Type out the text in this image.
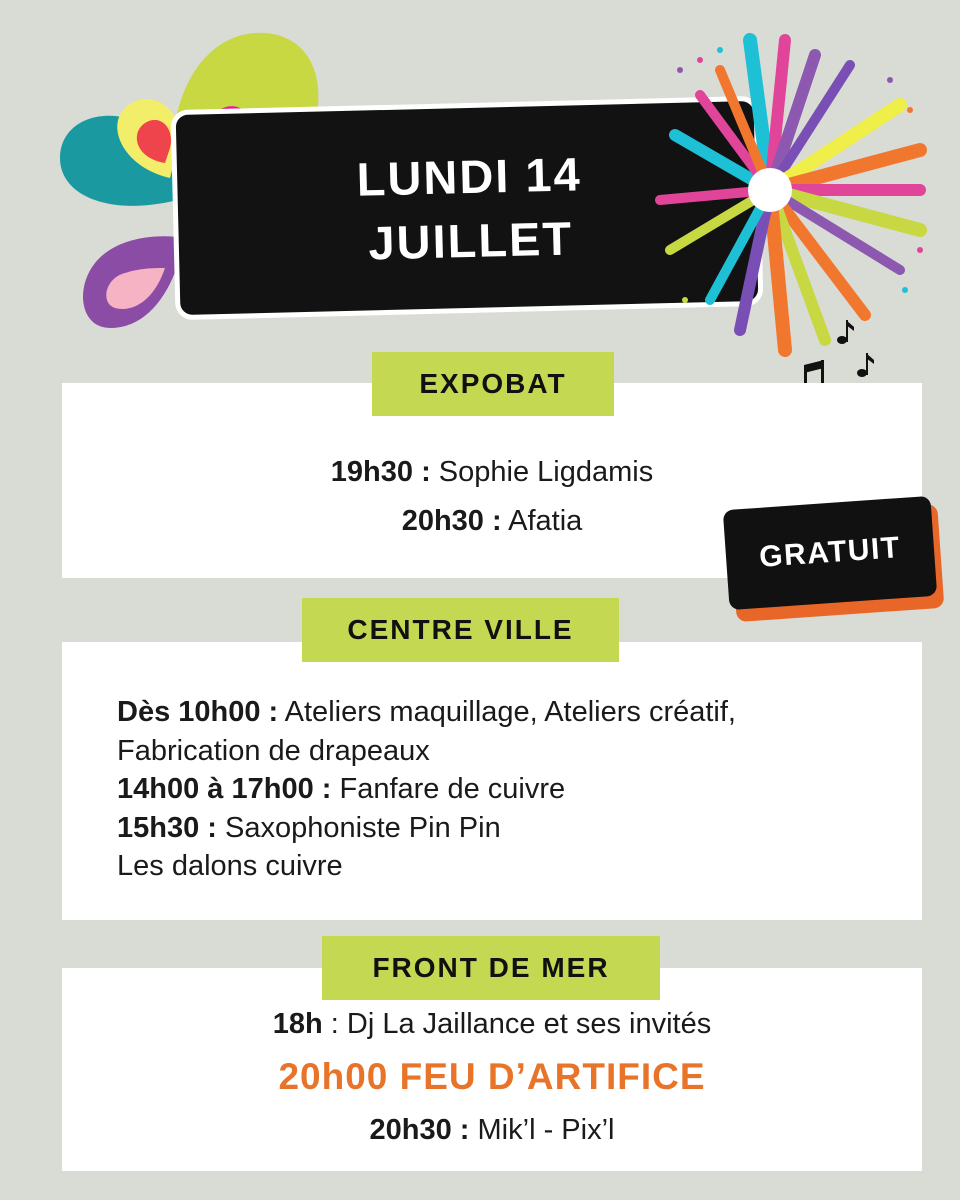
LUNDI 14
JUILLET
EXPOBAT
19h30 : Sophie Ligdamis
20h30 : Afatia
GRATUIT
CENTRE VILLE
Dès 10h00 : Ateliers maquillage, Ateliers créatif,
Fabrication de drapeaux
14h00 à 17h00 : Fanfare de cuivre
15h30 : Saxophoniste Pin Pin
Les dalons cuivre
FRONT DE MER
18h : Dj La Jaillance et ses invités
20h00 FEU D’ARTIFICE
20h30 : Mik’l - Pix’l
